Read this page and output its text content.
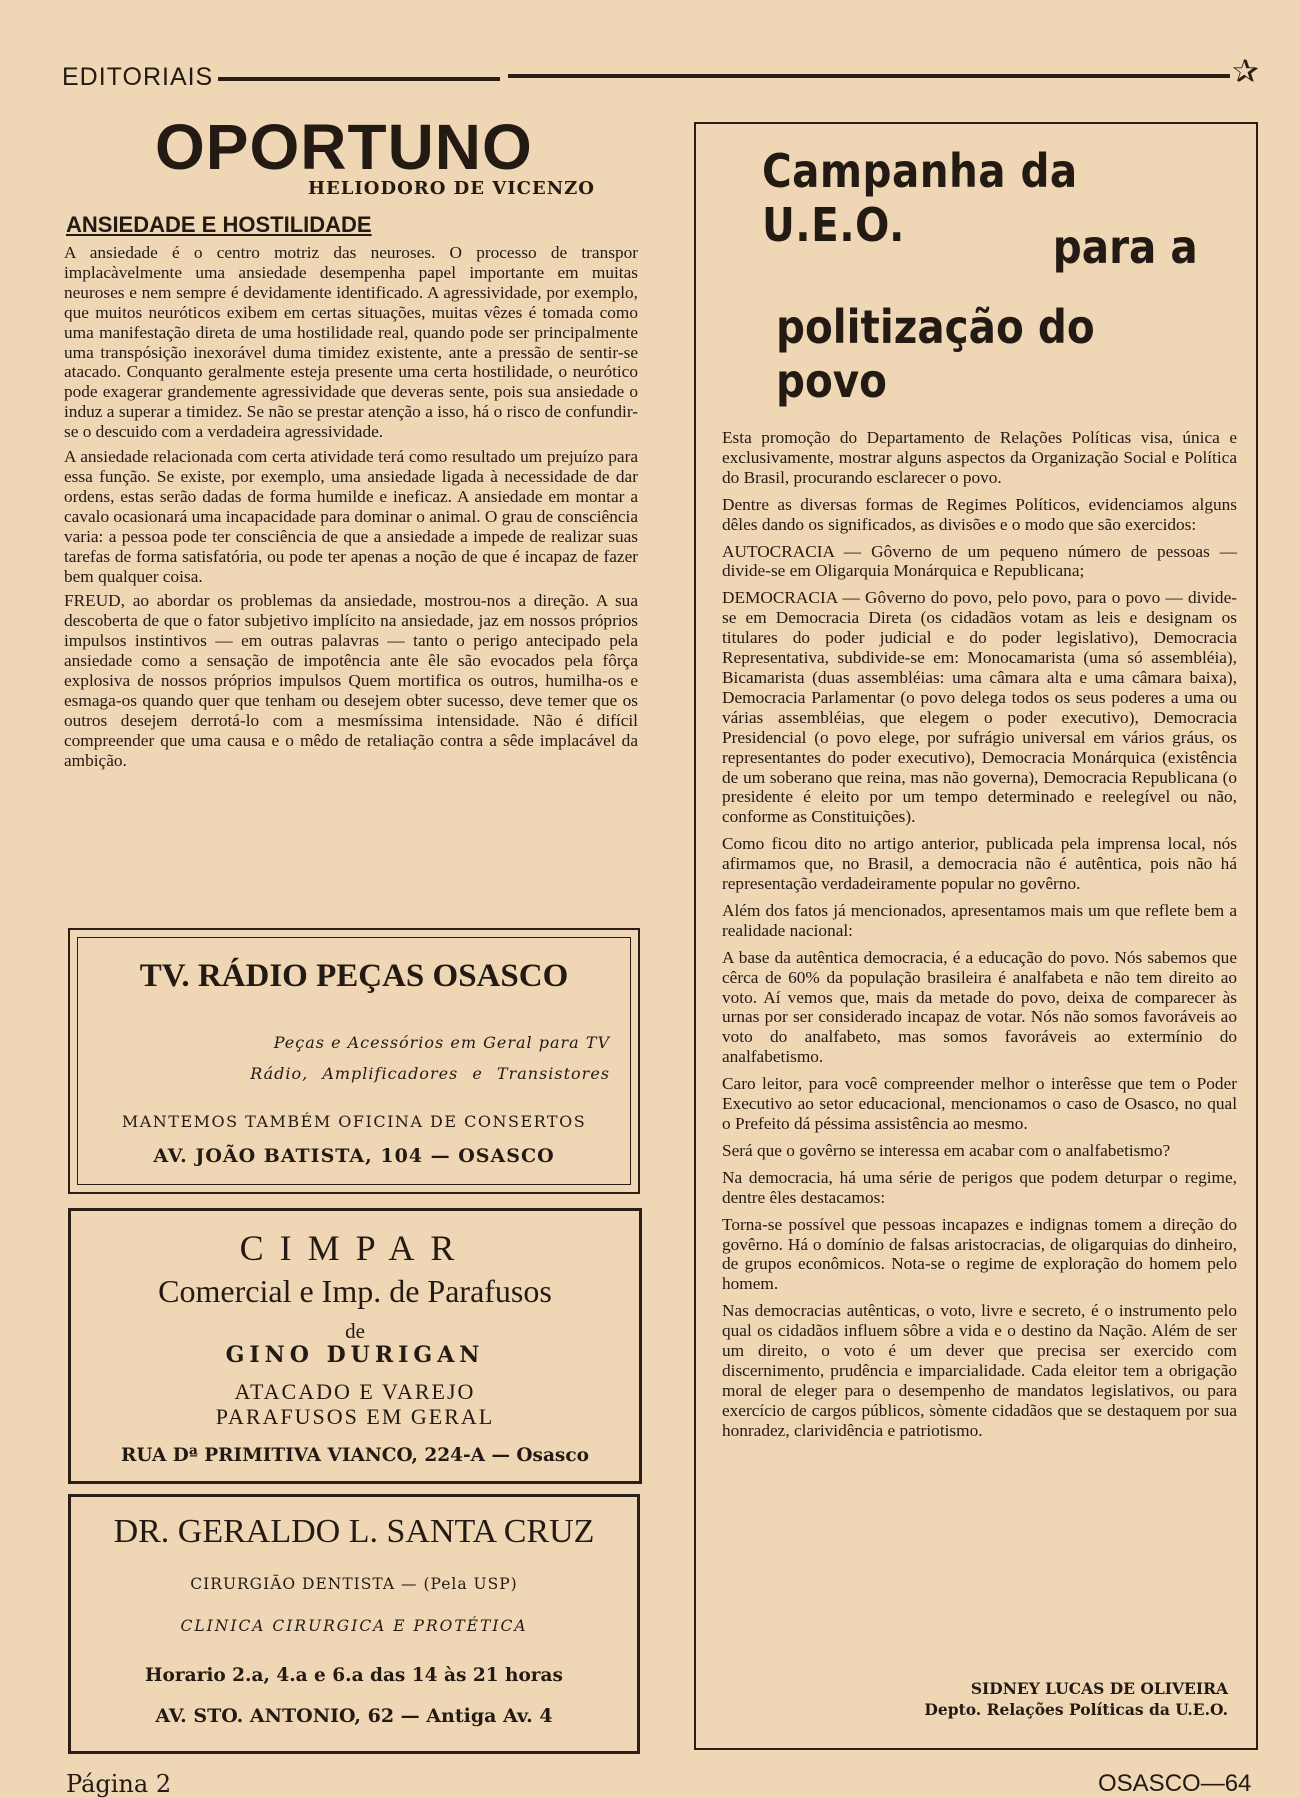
EDITORIAIS	✰
OPORTUNO
HELIODORO DE VICENZO
ANSIEDADE E HOSTILIDADE

A ansiedade é o centro motriz das neuroses. O processo de transpor implacàvelmente uma ansiedade desempenha papel importante em muitas neuroses e nem sempre é devidamente identificado. A agressividade, por exemplo, que muitos neuróticos exibem em certas situações, muitas vêzes é tomada como uma manifestação direta de uma hostilidade real, quando pode ser principalmente uma transpósição inexorável duma timidez existente, ante a pressão de sentir-se atacado. Conquanto geralmente esteja presente uma certa hostilidade, o neurótico pode exagerar grandemente agressividade que deveras sente, pois sua ansiedade o induz a superar a timidez. Se não se prestar atenção a isso, há o risco de confundir-se o descuido com a verdadeira agressividade.

A ansiedade relacionada com certa atividade terá como resultado um prejuízo para essa função. Se existe, por exemplo, uma ansiedade ligada à necessidade de dar ordens, estas serão dadas de forma humilde e ineficaz. A ansiedade em montar a cavalo ocasionará uma incapacidade para dominar o animal. O grau de consciência varia: a pessoa pode ter consciência de que a ansiedade a impede de realizar suas tarefas de forma satisfatória, ou pode ter apenas a noção de que é incapaz de fazer bem qualquer coisa.

FREUD, ao abordar os problemas da ansiedade, mostrou-nos a direção. A sua descoberta de que o fator subjetivo implícito na ansiedade, jaz em nossos próprios impulsos instintivos — em outras palavras — tanto o perigo antecipado pela ansiedade como a sensação de impotência ante êle são evocados pela fôrça explosiva de nossos próprios impulsos Quem mortifica os outros, humilha-os e esmaga-os quando quer que tenham ou desejem obter sucesso, deve temer que os outros desejem derrotá-lo com a mesmíssima intensidade. Não é difícil compreender que uma causa e o mêdo de retaliação contra a sêde implacável da ambição.

TV. RÁDIO PEÇAS OSASCO
Peças e Acessórios em Geral para TV
Rádio, Amplificadores e Transistores
MANTEMOS TAMBÉM OFICINA DE CONSERTOS
AV. JOÃO BATISTA, 104 — OSASCO
CIMPAR
Comercial e Imp. de Parafusos
de
GINO DURIGAN
ATACADO E VAREJO
PARAFUSOS EM GERAL
RUA Dª PRIMITIVA VIANCO, 224-A — Osasco
DR. GERALDO L. SANTA CRUZ
CIRURGIÃO DENTISTA — (Pela USP)
CLINICA CIRURGICA E PROTÉTICA
Horario 2.a, 4.a e 6.a das 14 às 21 horas
AV. STO. ANTONIO, 62 — Antiga Av. 4
Campanha da U.E.O.	para a
politização do povo

Esta promoção do Departamento de Relações Políticas visa, única e exclusivamente, mostrar alguns aspectos da Organização Social e Política do Brasil, procurando esclarecer o povo.

Dentre as diversas formas de Regimes Políticos, evidenciamos alguns dêles dando os significados, as divisões e o modo que são exercidos:

AUTOCRACIA — Gôverno de um pequeno número de pessoas — divide-se em Oligarquia Monárquica e Republicana;

DEMOCRACIA — Gôverno do povo, pelo povo, para o povo — divide-se em Democracia Direta (os cidadãos votam as leis e designam os titulares do poder judicial e do poder legislativo), Democracia Representativa, subdivide-se em: Monocamarista (uma só assembléia), Bicamarista (duas assembléias: uma câmara alta e uma câmara baixa), Democracia Parlamentar (o povo delega todos os seus poderes a uma ou várias assembléias, que elegem o poder executivo), Democracia Presidencial (o povo elege, por sufrágio universal em vários gráus, os representantes do poder executivo), Democracia Monárquica (existência de um soberano que reina, mas não governa), Democracia Republicana (o presidente é eleito por um tempo determinado e reelegível ou não, conforme as Constituições).

Como ficou dito no artigo anterior, publicada pela imprensa local, nós afirmamos que, no Brasil, a democracia não é autêntica, pois não há representação verdadeiramente popular no govêrno.

Além dos fatos já mencionados, apresentamos mais um que reflete bem a realidade nacional:

A base da autêntica democracia, é a educação do povo. Nós sabemos que cêrca de 60% da população brasileira é analfabeta e não tem direito ao voto. Aí vemos que, mais da metade do povo, deixa de comparecer às urnas por ser considerado incapaz de votar. Nós não somos favoráveis ao voto do analfabeto, mas somos favoráveis ao extermínio do analfabetismo.

Caro leitor, para você compreender melhor o interêsse que tem o Poder Executivo ao setor educacional, mencionamos o caso de Osasco, no qual o Prefeito dá péssima assistência ao mesmo.

Será que o govêrno se interessa em acabar com o analfabetismo?

Na democracia, há uma série de perigos que podem deturpar o regime, dentre êles destacamos:

Torna-se possível que pessoas incapazes e indignas tomem a direção do govêrno. Há o domínio de falsas aristocracias, de oligarquias do dinheiro, de grupos econômicos. Nota-se o regime de exploração do homem pelo homem.

Nas democracias autênticas, o voto, livre e secreto, é o instrumento pelo qual os cidadãos influem sôbre a vida e o destino da Nação. Além de ser um direito, o voto é um dever que precisa ser exercido com discernimento, prudência e imparcialidade. Cada eleitor tem a obrigação moral de eleger para o desempenho de mandatos legislativos, ou para exercício de cargos públicos, sòmente cidadãos que se destaquem por sua honradez, clarividência e patriotismo.

SIDNEY LUCAS DE OLIVEIRA
Depto. Relações Políticas da U.E.O.
Página 2	OSASCO—64
